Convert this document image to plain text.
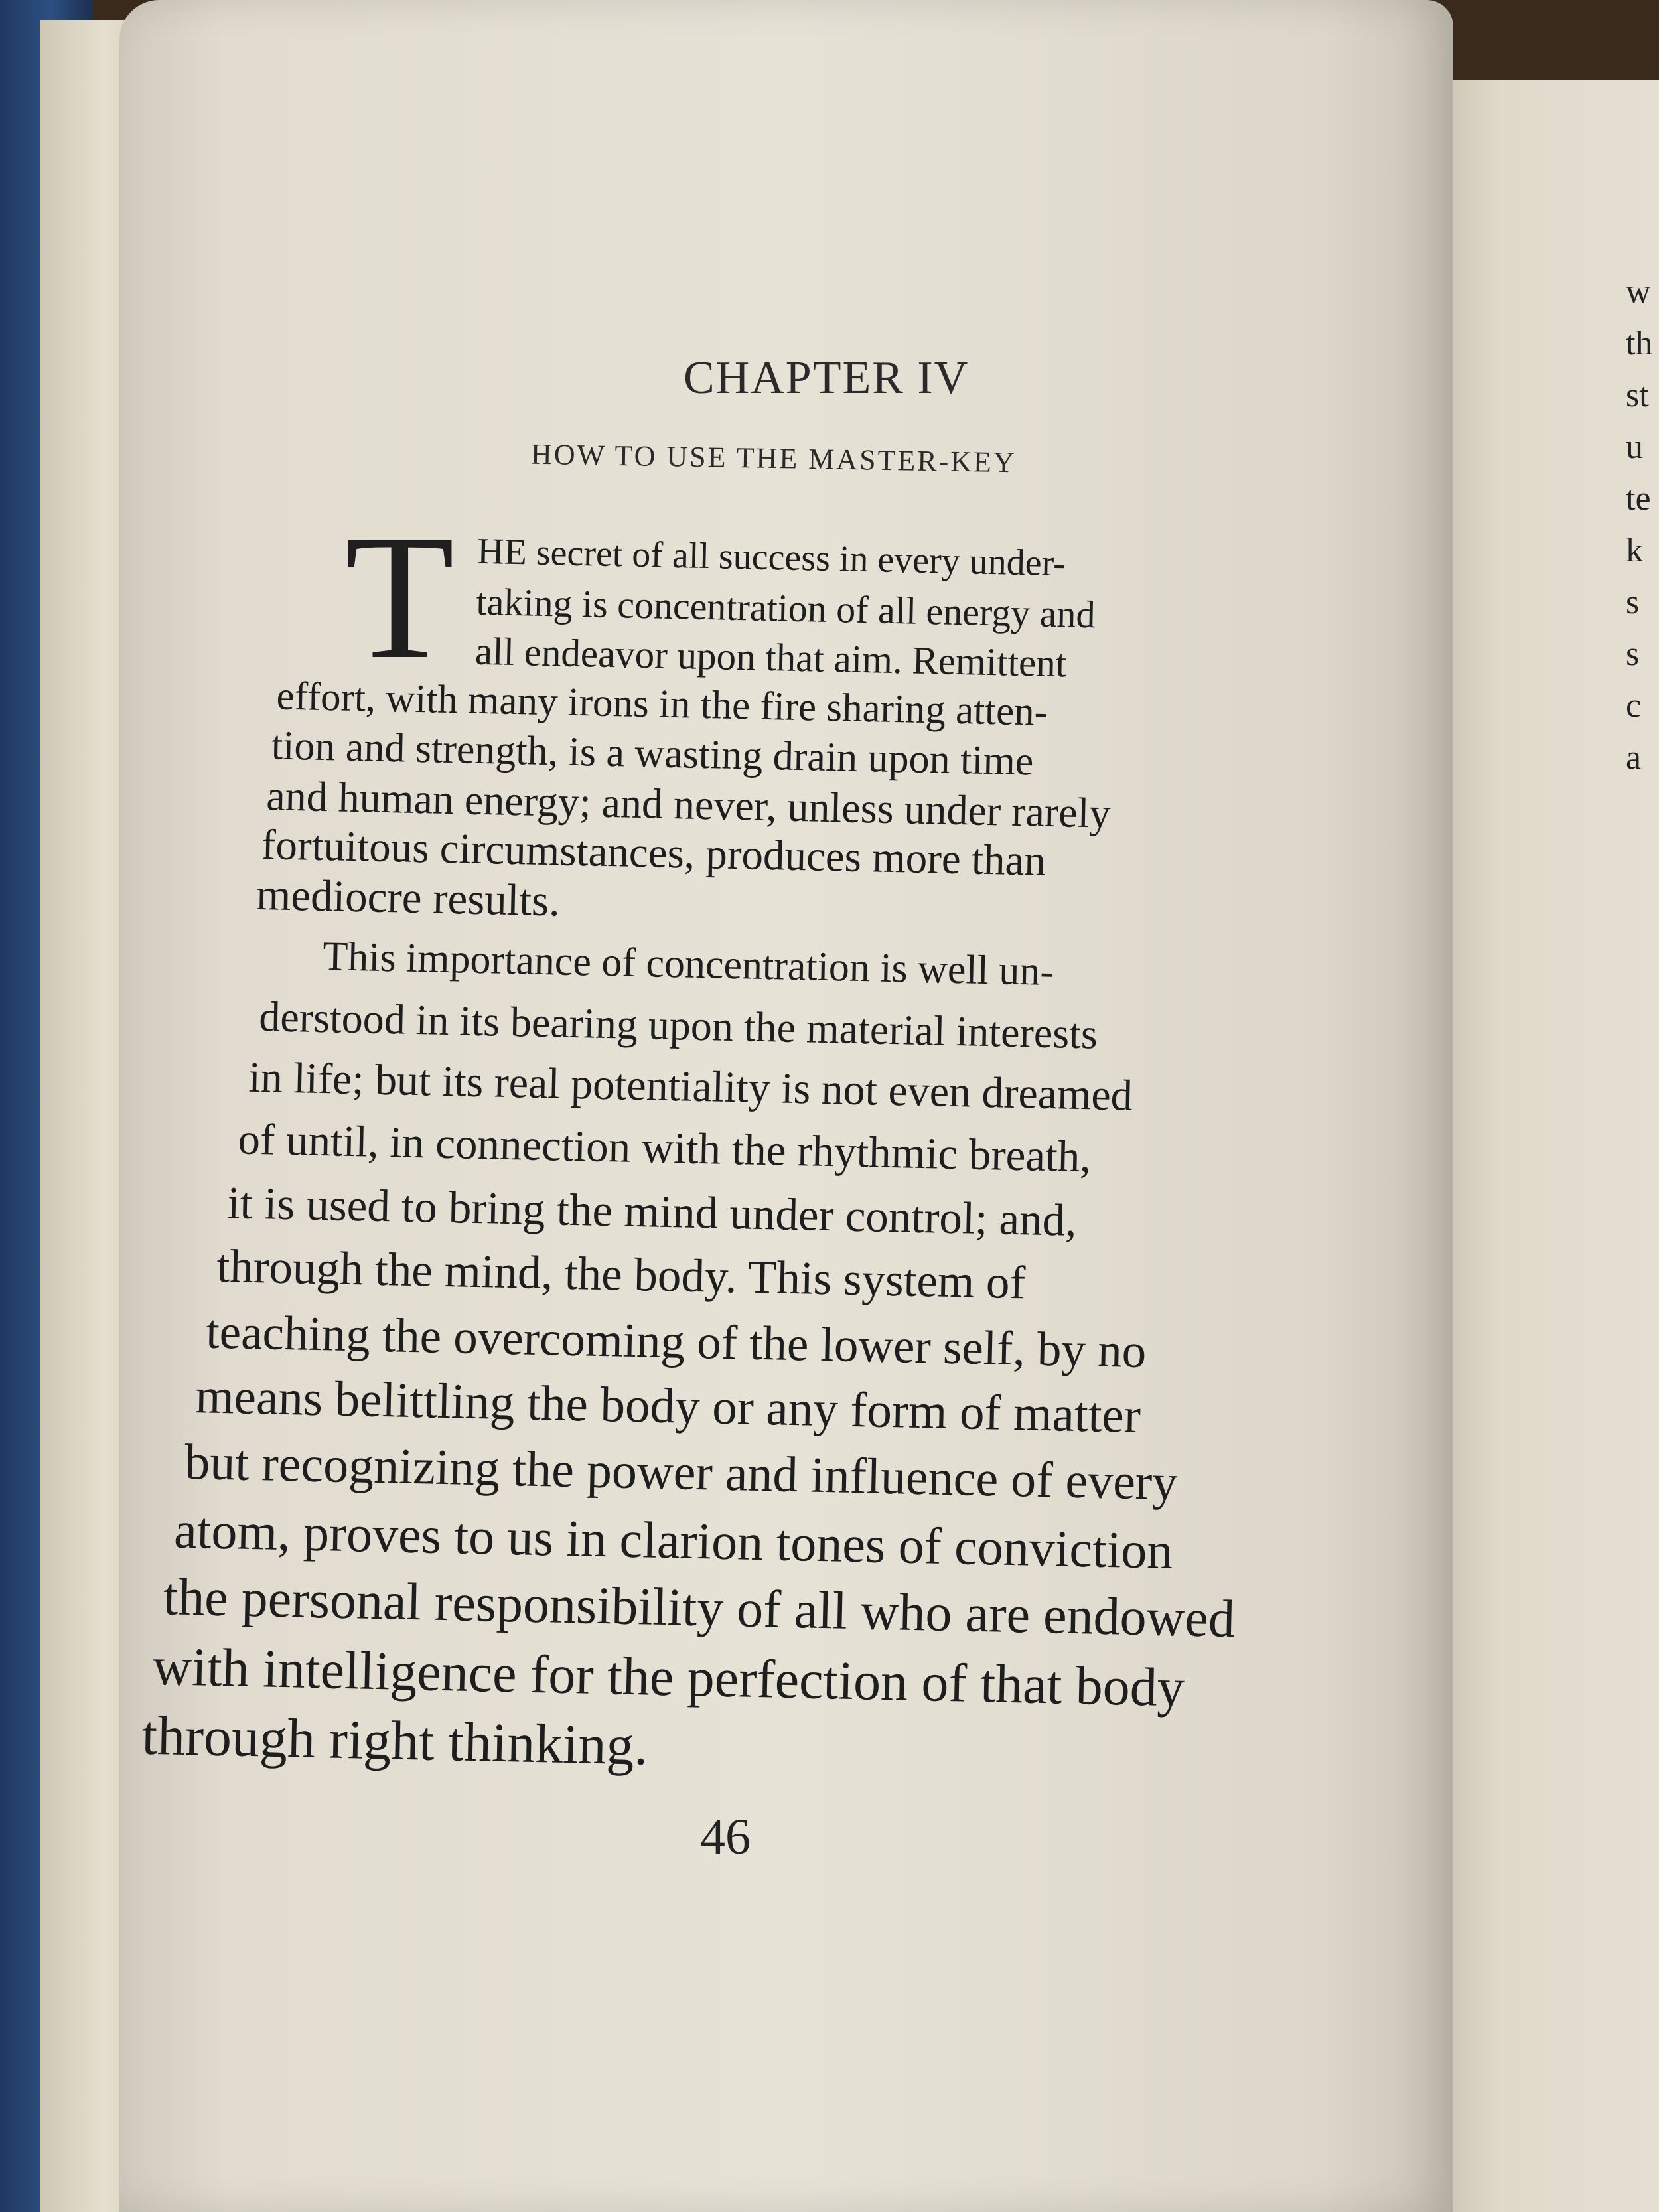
w
th
st
u
te
k
s
s
c
a
CHAPTER IV
HOW TO USE THE MASTER-KEY
T HE secret of all success in every under-
taking is concentration of all energy and
all endeavor upon that aim. Remittent
effort, with many irons in the fire sharing atten-
tion and strength, is a wasting drain upon time
and human energy; and never, unless under rarely
fortuitous circumstances, produces more than
mediocre results.
This importance of concentration is well un-
derstood in its bearing upon the material interests
in life; but its real potentiality is not even dreamed
of until, in connection with the rhythmic breath,
it is used to bring the mind under control; and,
through the mind, the body. This system of
teaching the overcoming of the lower self, by no
means belittling the body or any form of matter
but recognizing the power and influence of every
atom, proves to us in clarion tones of conviction
the personal responsibility of all who are endowed
with intelligence for the perfection of that body
through right thinking.
46
